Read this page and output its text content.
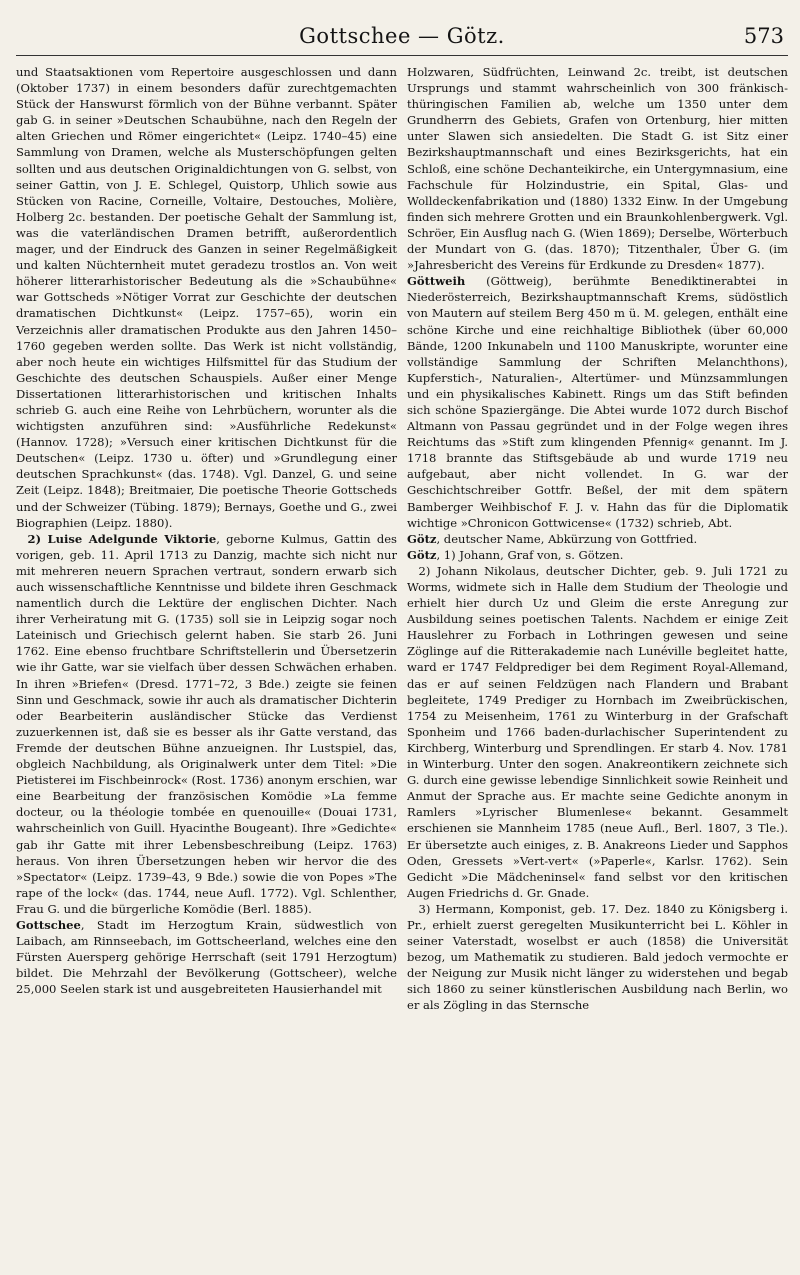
Gottschee — Götz.	573

und Staatsaktionen vom Repertoire ausgeschlossen und dann (Oktober 1737) in einem besonders dafür zurechtgemachten Stück der Hanswurst förmlich von der Bühne verbannt. Später gab G. in seiner »Deutschen Schaubühne, nach den Regeln der alten Griechen und Römer eingerichtet« (Leipz. 1740–45) eine Sammlung von Dramen, welche als Musterschöpfungen gelten sollten und aus deutschen Originaldichtungen von G. selbst, von seiner Gattin, von J. E. Schlegel, Quistorp, Uhlich sowie aus Stücken von Racine, Corneille, Voltaire, Destouches, Molière, Holberg 2c. bestanden. Der poetische Gehalt der Sammlung ist, was die vaterländischen Dramen betrifft, außerordentlich mager, und der Eindruck des Ganzen in seiner Regelmäßigkeit und kalten Nüchternheit mutet geradezu trostlos an. Von weit höherer litterarhistorischer Bedeutung als die »Schaubühne« war Gottscheds »Nötiger Vorrat zur Geschichte der deutschen dramatischen Dichtkunst« (Leipz. 1757–65), worin ein Verzeichnis aller dramatischen Produkte aus den Jahren 1450–1760 gegeben werden sollte. Das Werk ist nicht vollständig, aber noch heute ein wichtiges Hilfsmittel für das Studium der Geschichte des deutschen Schauspiels. Außer einer Menge Dissertationen litterarhistorischen und kritischen Inhalts schrieb G. auch eine Reihe von Lehrbüchern, worunter als die wichtigsten anzuführen sind: »Ausführliche Redekunst« (Hannov. 1728); »Versuch einer kritischen Dichtkunst für die Deutschen« (Leipz. 1730 u. öfter) und »Grundlegung einer deutschen Sprachkunst« (das. 1748). Vgl. Danzel, G. und seine Zeit (Leipz. 1848); Breitmaier, Die poetische Theorie Gottscheds und der Schweizer (Tübing. 1879); Bernays, Goethe und G., zwei Biographien (Leipz. 1880).

2) Luise Adelgunde Viktorie, geborne Kulmus, Gattin des vorigen, geb. 11. April 1713 zu Danzig, machte sich nicht nur mit mehreren neuern Sprachen vertraut, sondern erwarb sich auch wissenschaftliche Kenntnisse und bildete ihren Geschmack namentlich durch die Lektüre der englischen Dichter. Nach ihrer Verheiratung mit G. (1735) soll sie in Leipzig sogar noch Lateinisch und Griechisch gelernt haben. Sie starb 26. Juni 1762. Eine ebenso fruchtbare Schriftstellerin und Übersetzerin wie ihr Gatte, war sie vielfach über dessen Schwächen erhaben. In ihren »Briefen« (Dresd. 1771–72, 3 Bde.) zeigte sie feinen Sinn und Geschmack, sowie ihr auch als dramatischer Dichterin oder Bearbeiterin ausländischer Stücke das Verdienst zuzuerkennen ist, daß sie es besser als ihr Gatte verstand, das Fremde der deutschen Bühne anzueignen. Ihr Lustspiel, das, obgleich Nachbildung, als Originalwerk unter dem Titel: »Die Pietisterei im Fischbeinrock« (Rost. 1736) anonym erschien, war eine Bearbeitung der französischen Komödie »La femme docteur, ou la théologie tombée en quenouille« (Douai 1731, wahrscheinlich von Guill. Hyacinthe Bougeant). Ihre »Gedichte« gab ihr Gatte mit ihrer Lebensbeschreibung (Leipz. 1763) heraus. Von ihren Übersetzungen heben wir hervor die des »Spectator« (Leipz. 1739–43, 9 Bde.) sowie die von Popes »The rape of the lock« (das. 1744, neue Aufl. 1772). Vgl. Schlenther, Frau G. und die bürgerliche Komödie (Berl. 1885).

Gottschee, Stadt im Herzogtum Krain, südwestlich von Laibach, am Rinnseebach, im Gottscheerland, welches eine den Fürsten Auersperg gehörige Herrschaft (seit 1791 Herzogtum) bildet. Die Mehrzahl der Bevölkerung (Gottscheer), welche 25,000 Seelen stark ist und ausgebreiteten Hausierhandel mit

Holzwaren, Südfrüchten, Leinwand 2c. treibt, ist deutschen Ursprungs und stammt wahrscheinlich von 300 fränkisch-thüringischen Familien ab, welche um 1350 unter dem Grundherrn des Gebiets, Grafen von Ortenburg, hier mitten unter Slawen sich ansiedelten. Die Stadt G. ist Sitz einer Bezirkshauptmannschaft und eines Bezirksgerichts, hat ein Schloß, eine schöne Dechanteikirche, ein Untergymnasium, eine Fachschule für Holzindustrie, ein Spital, Glas- und Wolldeckenfabrikation und (1880) 1332 Einw. In der Umgebung finden sich mehrere Grotten und ein Braunkohlenbergwerk. Vgl. Schröer, Ein Ausflug nach G. (Wien 1869); Derselbe, Wörterbuch der Mundart von G. (das. 1870); Titzenthaler, Über G. (im »Jahresbericht des Vereins für Erdkunde zu Dresden« 1877).

Göttweih (Göttweig), berühmte Benediktinerabtei in Niederösterreich, Bezirkshauptmannschaft Krems, südöstlich von Mautern auf steilem Berg 450 m ü. M. gelegen, enthält eine schöne Kirche und eine reichhaltige Bibliothek (über 60,000 Bände, 1200 Inkunabeln und 1100 Manuskripte, worunter eine vollständige Sammlung der Schriften Melanchthons), Kupferstich-, Naturalien-, Altertümer- und Münzsammlungen und ein physikalisches Kabinett. Rings um das Stift befinden sich schöne Spaziergänge. Die Abtei wurde 1072 durch Bischof Altmann von Passau gegründet und in der Folge wegen ihres Reichtums das »Stift zum klingenden Pfennig« genannt. Im J. 1718 brannte das Stiftsgebäude ab und wurde 1719 neu aufgebaut, aber nicht vollendet. In G. war der Geschichtschreiber Gottfr. Beßel, der mit dem spätern Bamberger Weihbischof F. J. v. Hahn das für die Diplomatik wichtige »Chronicon Gottwicense« (1732) schrieb, Abt.

Götz, deutscher Name, Abkürzung von Gottfried.

Götz, 1) Johann, Graf von, s. Götzen.

2) Johann Nikolaus, deutscher Dichter, geb. 9. Juli 1721 zu Worms, widmete sich in Halle dem Studium der Theologie und erhielt hier durch Uz und Gleim die erste Anregung zur Ausbildung seines poetischen Talents. Nachdem er einige Zeit Hauslehrer zu Forbach in Lothringen gewesen und seine Zöglinge auf die Ritterakademie nach Lunéville begleitet hatte, ward er 1747 Feldprediger bei dem Regiment Royal-Allemand, das er auf seinen Feldzügen nach Flandern und Brabant begleitete, 1749 Prediger zu Hornbach im Zweibrückischen, 1754 zu Meisenheim, 1761 zu Winterburg in der Grafschaft Sponheim und 1766 baden-durlachischer Superintendent zu Kirchberg, Winterburg und Sprendlingen. Er starb 4. Nov. 1781 in Winterburg. Unter den sogen. Anakreontikern zeichnete sich G. durch eine gewisse lebendige Sinnlichkeit sowie Reinheit und Anmut der Sprache aus. Er machte seine Gedichte anonym in Ramlers »Lyrischer Blumenlese« bekannt. Gesammelt erschienen sie Mannheim 1785 (neue Aufl., Berl. 1807, 3 Tle.). Er übersetzte auch einiges, z. B. Anakreons Lieder und Sapphos Oden, Gressets »Vert-vert« (»Paperle«, Karlsr. 1762). Sein Gedicht »Die Mädcheninsel« fand selbst vor den kritischen Augen Friedrichs d. Gr. Gnade.

3) Hermann, Komponist, geb. 17. Dez. 1840 zu Königsberg i. Pr., erhielt zuerst geregelten Musikunterricht bei L. Köhler in seiner Vaterstadt, woselbst er auch (1858) die Universität bezog, um Mathematik zu studieren. Bald jedoch vermochte er der Neigung zur Musik nicht länger zu widerstehen und begab sich 1860 zu seiner künstlerischen Ausbildung nach Berlin, wo er als Zögling in das Sternsche
